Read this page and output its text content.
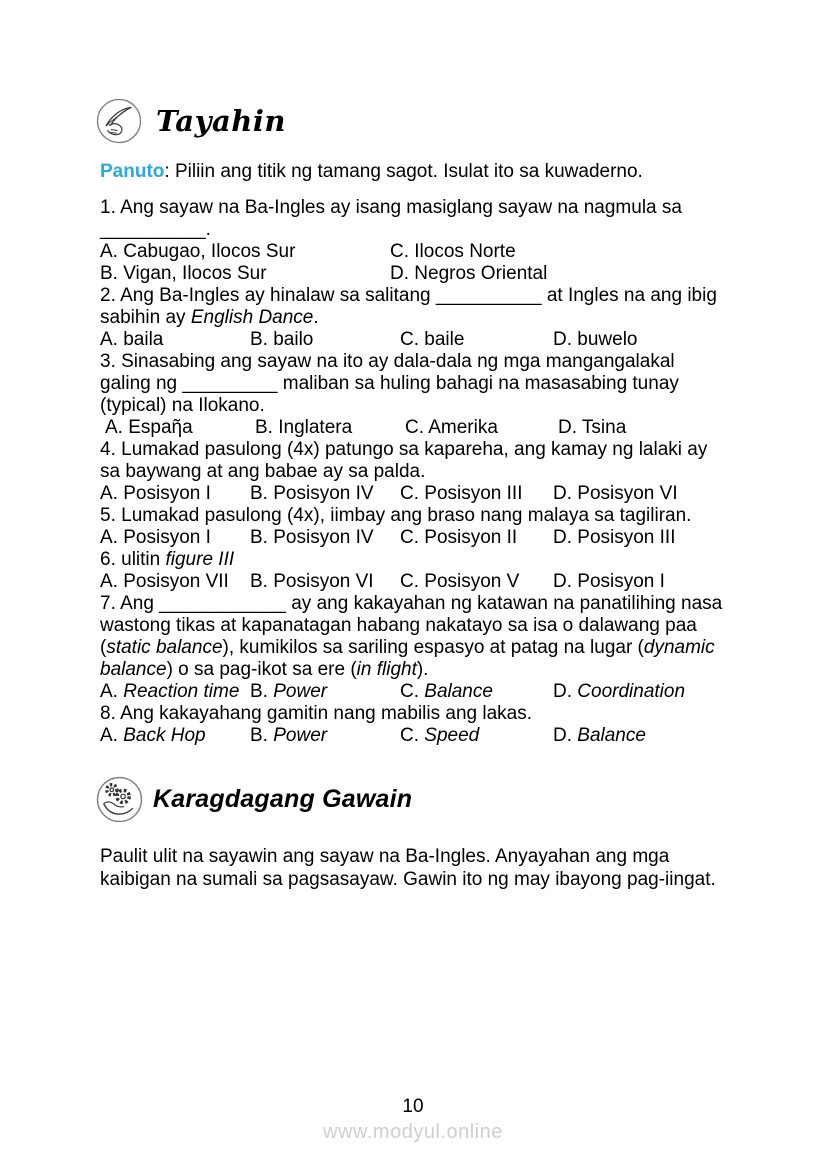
Tayahin

Panuto: Piliin ang titik ng tamang sagot. Isulat ito sa kuwaderno.

1. Ang sayaw na Ba-Ingles ay isang masiglang sayaw na nagmula sa
__________.
A. Cabugao, Ilocos Sur	C. Ilocos Norte
B. Vigan, Ilocos Sur	D. Negros Oriental
2. Ang Ba-Ingles ay hinalaw sa salitang __________ at Ingles na ang ibig
sabihin ay English Dance.
A. baila	B. bailo	C. baile	D. buwelo
3. Sinasabing ang sayaw na ito ay dala-dala ng mga mangangalakal
galing ng _________ maliban sa huling bahagi na masasabing tunay
(typical) na Ilokano.
A. Espaῆa	B. Inglatera	C. Amerika	D. Tsina
4. Lumakad pasulong (4x) patungo sa kapareha, ang kamay ng lalaki ay
sa baywang at ang babae ay sa palda.
A. Posisyon I	B. Posisyon IV	C. Posisyon III	D. Posisyon VI
5. Lumakad pasulong (4x), iimbay ang braso nang malaya sa tagiliran.
A. Posisyon I	B. Posisyon IV	C. Posisyon II	D. Posisyon III
6. ulitin figure III
A. Posisyon VII	B. Posisyon VI	C. Posisyon V	D. Posisyon I
7. Ang ____________ ay ang kakayahan ng katawan na panatilihing nasa
wastong tikas at kapanatagan habang nakatayo sa isa o dalawang paa
(static balance), kumikilos sa sariling espasyo at patag na lugar (dynamic
balance) o sa pag-ikot sa ere (in flight).
A. Reaction time B. Power	C. Balance	D. Coordination
8. Ang kakayahang gamitin nang mabilis ang lakas.
A. Back Hop	B. Power	C. Speed	D. Balance
Karagdagang Gawain
Paulit ulit na sayawin ang sayaw na Ba-Ingles. Anyayahan ang mga
kaibigan na sumali sa pagsasayaw. Gawin ito ng may ibayong pag-iingat.
10
www.modyul.online
